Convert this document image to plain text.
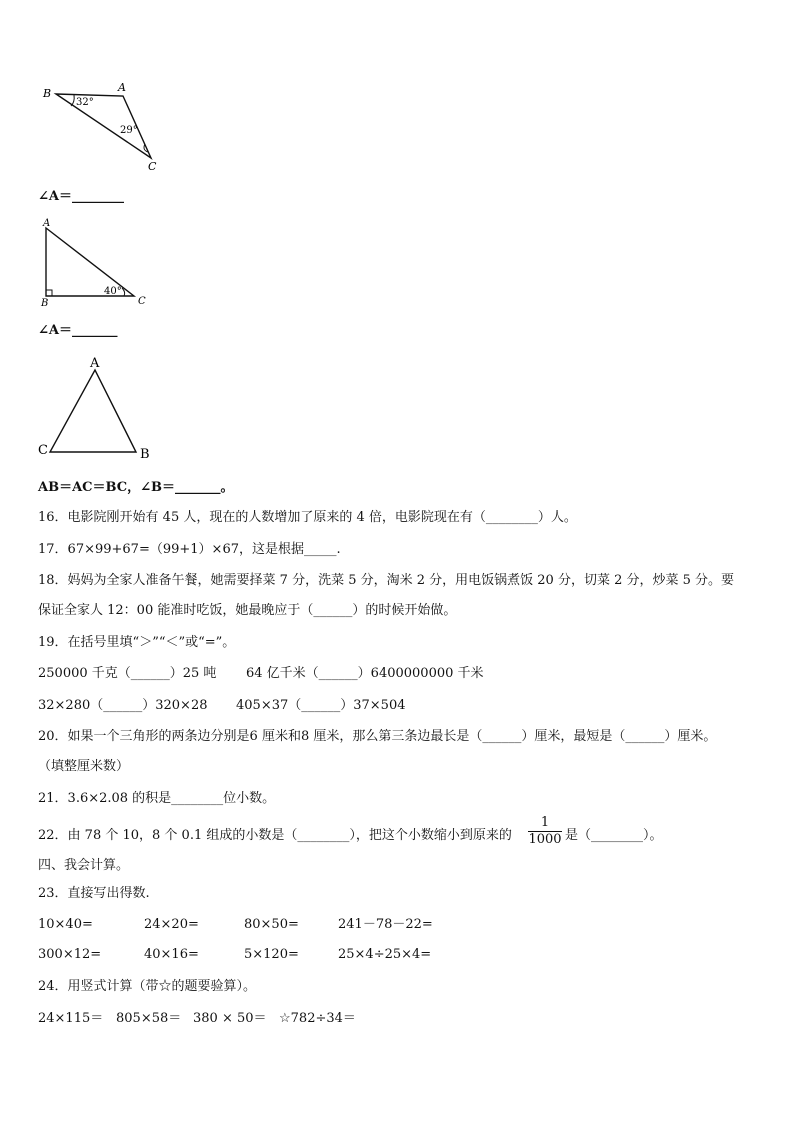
B	A
C
32°
29°
∠A＝________
A
B	C
40°
∠A＝_______
A
C	B
AB＝AC＝BC，∠B＝_______。
16．电影院刚开始有 45 人，现在的人数增加了原来的 4 倍，电影院现在有（________）人。
17．67×99+67=（99+1）×67，这是根据_____.
18．妈妈为全家人准备午餐，她需要择菜 7 分，洗菜 5 分，淘米 2 分，用电饭锅煮饭 20 分，切菜 2 分，炒菜 5 分。要
保证全家人 12：00 能准时吃饭，她最晚应于（______）的时候开始做。
19．在括号里填“＞”“＜”或“=”。
250000 千克（______）25 吨 64 亿千米（______）6400000000 千米
32×280（______）320×28 405×37（______）37×504
20．如果一个三角形的两条边分别是6 厘米和8 厘米，那么第三条边最长是（______）厘米，最短是（______）厘米。
（填整厘米数）
21．3.6×2.08 的积是________位小数。
22．由 78 个 10，8 个 0.1 组成的小数是（________），把这个小数缩小到原来的
1
1000 是（________）。
四、我会计算。
23．直接写出得数.
10×40=	24×20=	80×50=	241－78－22=
300×12=	40×16=	5×120=	25×4÷25×4=
24．用竖式计算（带☆的题要验算）。
24×115＝ 805×58＝ 380 × 50＝ ☆782÷34＝
